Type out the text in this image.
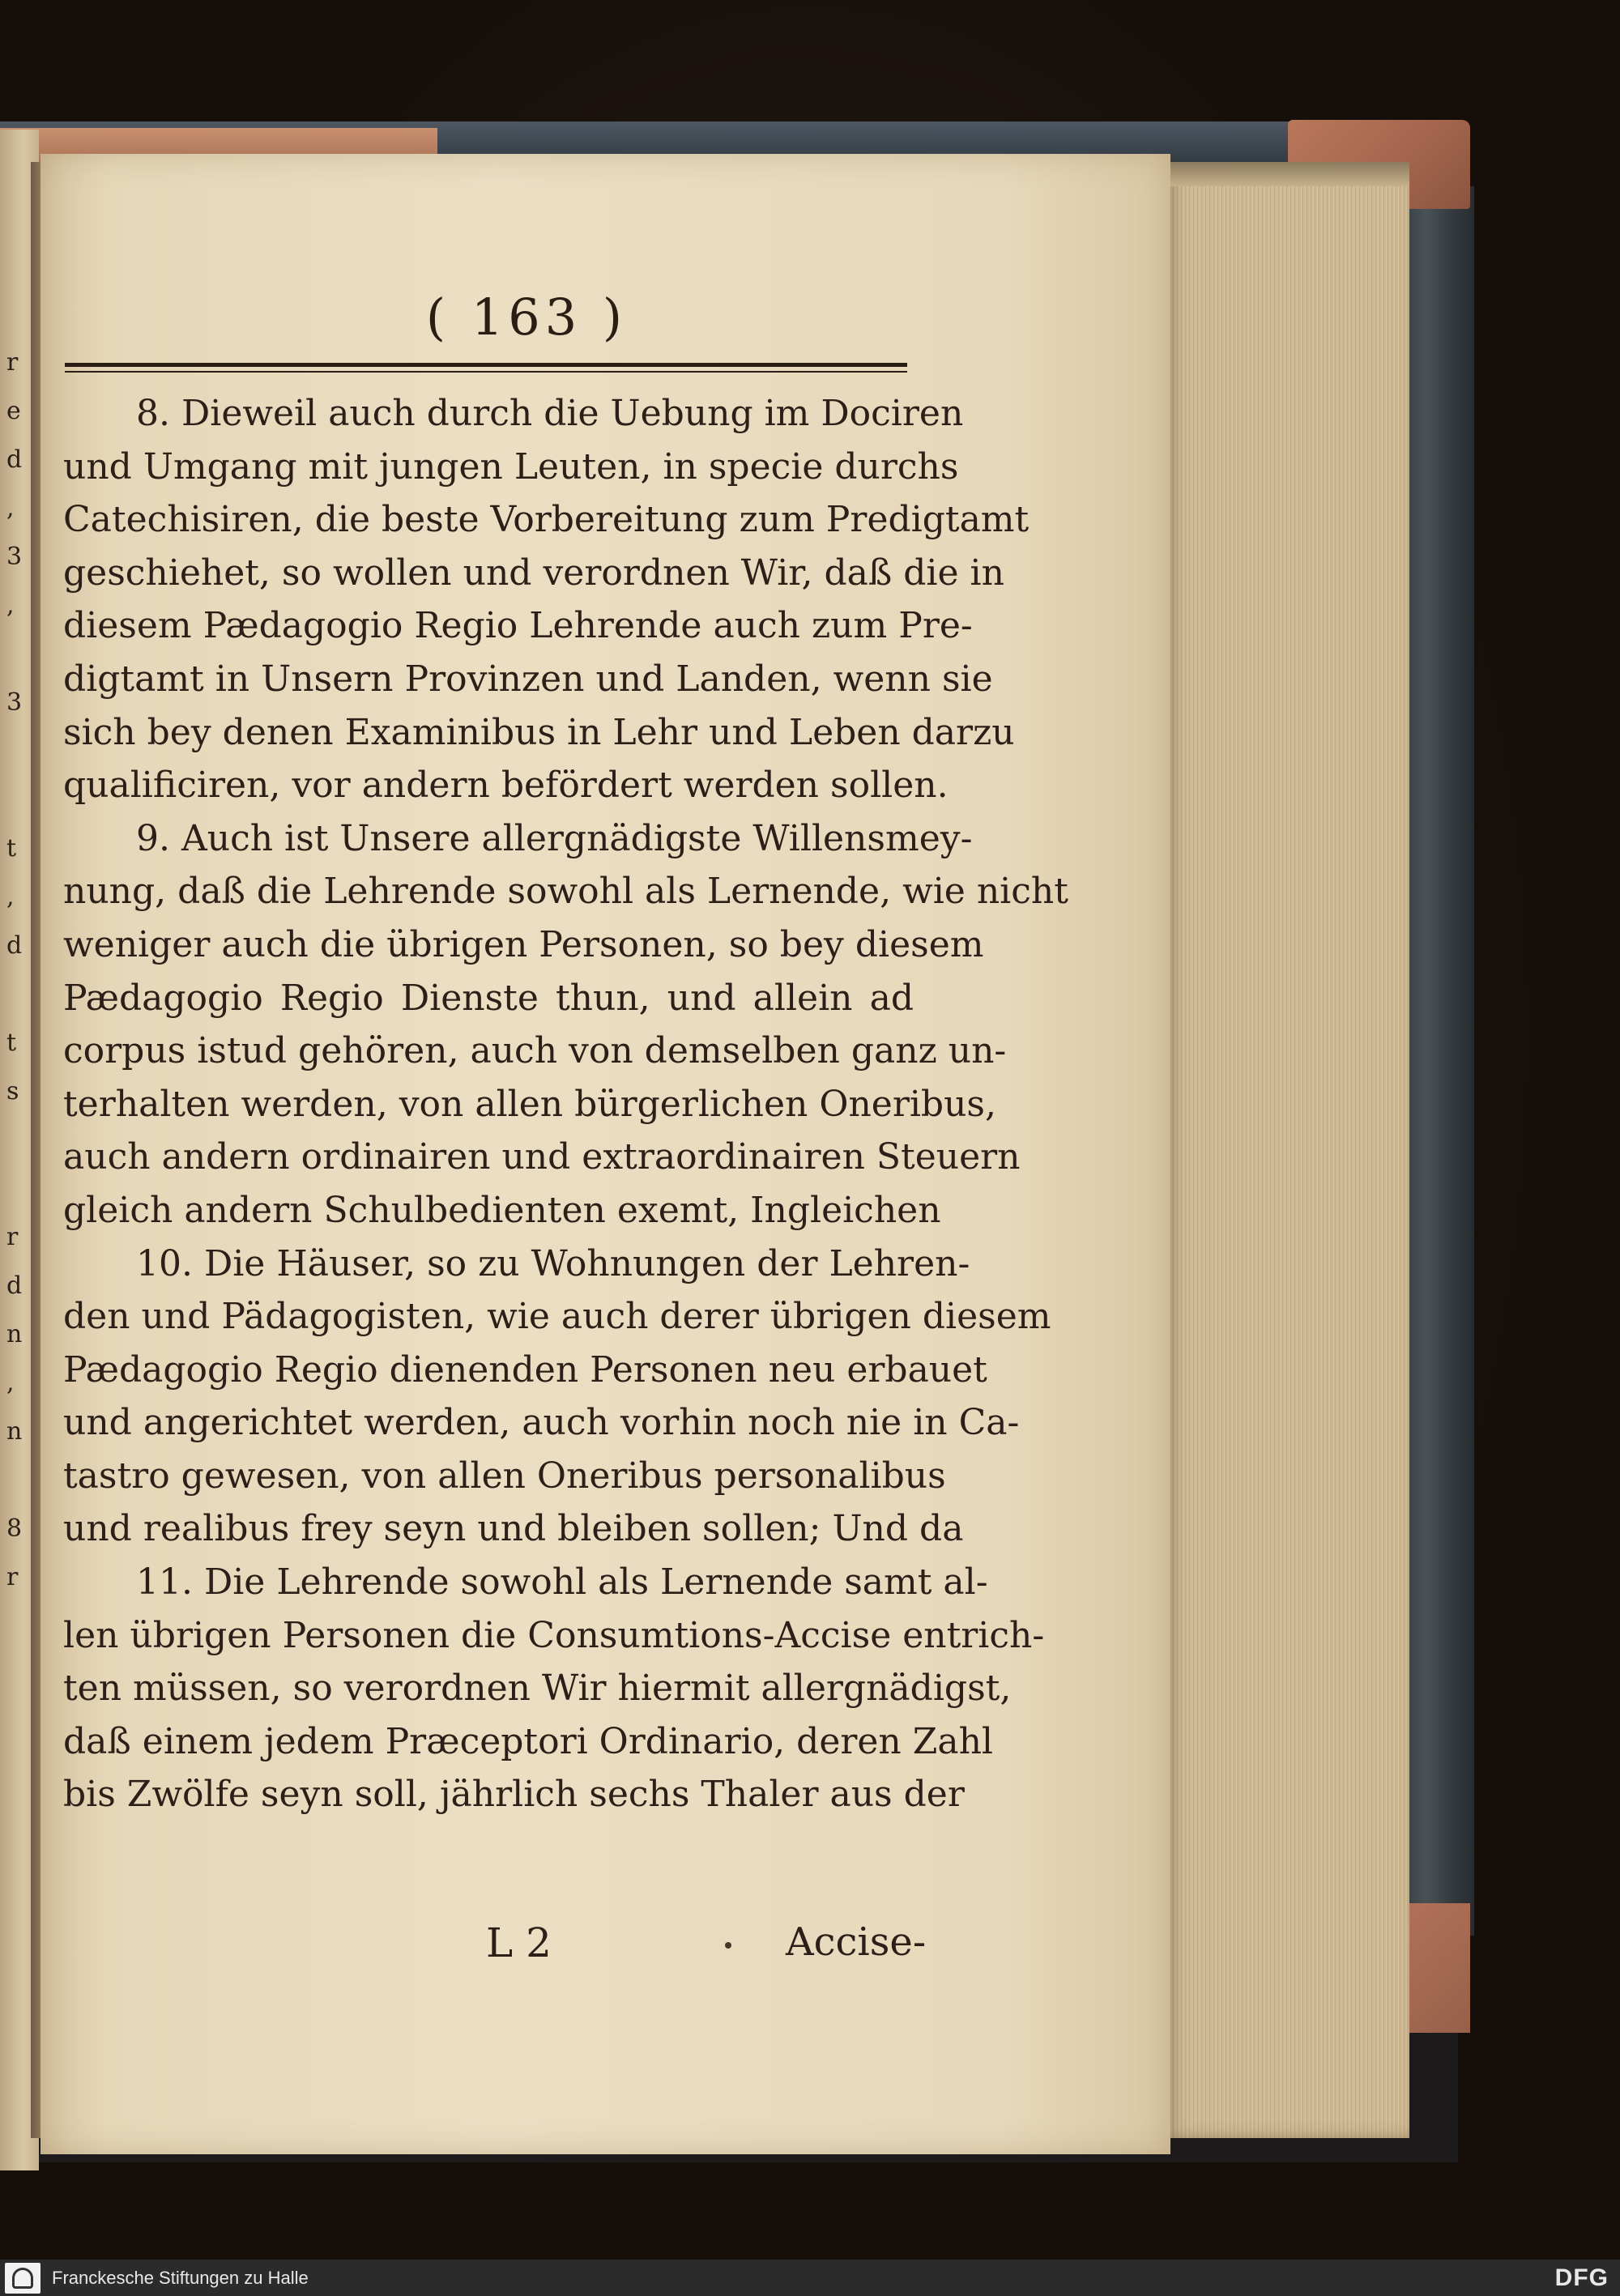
r
e
d
,
3
,
3
t
,
d
t
s
r
d
n
,
n
8
r
( 163 )
8. Dieweil auch durch die Uebung im Dociren
und Umgang mit jungen Leuten, in specie durchs
Catechisiren, die beste Vorbereitung zum Predigtamt
geschiehet, so wollen und verordnen Wir, daß die in
diesem Pædagogio Regio Lehrende auch zum Pre-
digtamt in Unsern Provinzen und Landen, wenn sie
sich bey denen Examinibus in Lehr und Leben darzu
qualificiren, vor andern befördert werden sollen.
9. Auch ist Unsere allergnädigste Willensmey-
nung, daß die Lehrende sowohl als Lernende, wie nicht
weniger auch die übrigen Personen, so bey diesem
Pædagogio Regio Dienste thun, und allein ad
corpus istud gehören, auch von demselben ganz un-
terhalten werden, von allen bürgerlichen Oneribus,
auch andern ordinairen und extraordinairen Steuern
gleich andern Schulbedienten exemt, Ingleichen
10. Die Häuser, so zu Wohnungen der Lehren-
den und Pädagogisten, wie auch derer übrigen diesem
Pædagogio Regio dienenden Personen neu erbauet
und angerichtet werden, auch vorhin noch nie in Ca-
tastro gewesen, von allen Oneribus personalibus
und realibus frey seyn und bleiben sollen; Und da
11. Die Lehrende sowohl als Lernende samt al-
len übrigen Personen die Consumtions-Accise entrich-
ten müssen, so verordnen Wir hiermit allergnädigst,
daß einem jedem Præceptori Ordinario, deren Zahl
bis Zwölfe seyn soll, jährlich sechs Thaler aus der
L 2	Accise-
Franckesche Stiftungen zu Halle	DFG
